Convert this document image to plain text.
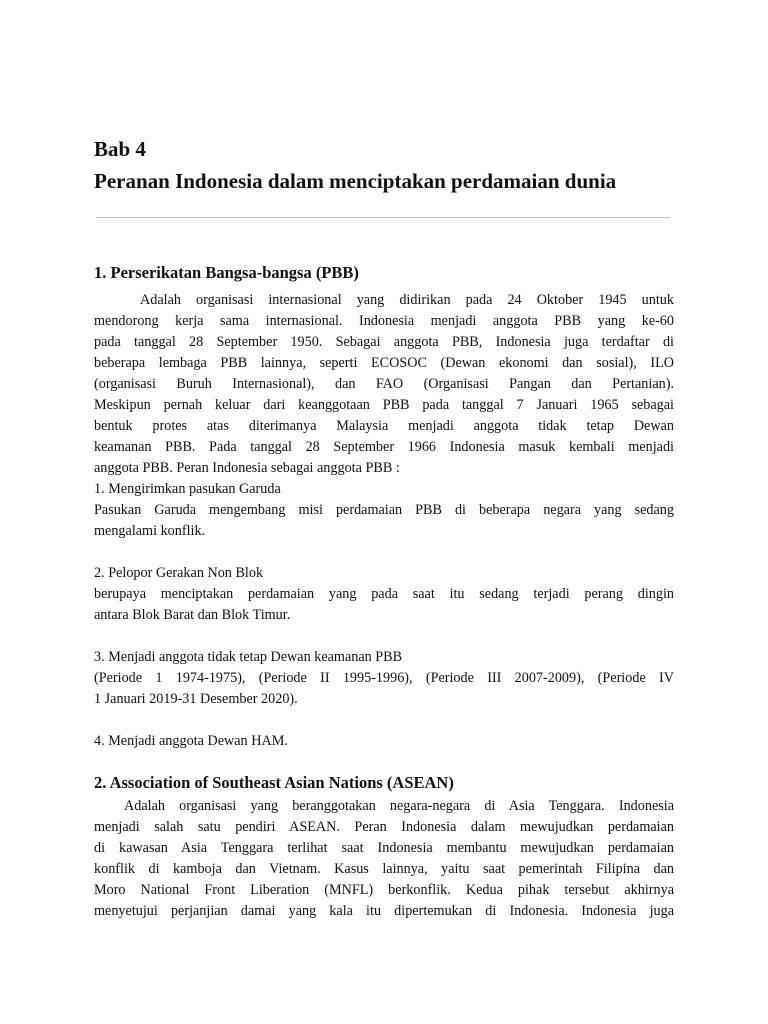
Bab 4
Peranan Indonesia dalam menciptakan perdamaian dunia
1. Perserikatan Bangsa-bangsa (PBB)
Adalah organisasi internasional yang didirikan pada 24 Oktober 1945 untuk
mendorong kerja sama internasional. Indonesia menjadi anggota PBB yang ke-60
pada tanggal 28 September 1950. Sebagai anggota PBB, Indonesia juga terdaftar di
beberapa lembaga PBB lainnya, seperti ECOSOC (Dewan ekonomi dan sosial), ILO
(organisasi Buruh Internasional), dan FAO (Organisasi Pangan dan Pertanian).
Meskipun pernah keluar dari keanggotaan PBB pada tanggal 7 Januari 1965 sebagai
bentuk protes atas diterimanya Malaysia menjadi anggota tidak tetap Dewan
keamanan PBB. Pada tanggal 28 September 1966 Indonesia masuk kembali menjadi
anggota PBB. Peran Indonesia sebagai anggota PBB :
1. Mengirimkan pasukan Garuda
Pasukan Garuda mengembang misi perdamaian PBB di beberapa negara yang sedang
mengalami konflik.
2. Pelopor Gerakan Non Blok
berupaya menciptakan perdamaian yang pada saat itu sedang terjadi perang dingin
antara Blok Barat dan Blok Timur.
3. Menjadi anggota tidak tetap Dewan keamanan PBB
(Periode 1 1974-1975), (Periode II 1995-1996), (Periode III 2007-2009), (Periode IV
1 Januari 2019-31 Desember 2020).
4. Menjadi anggota Dewan HAM.
2. Association of Southeast Asian Nations (ASEAN)
Adalah organisasi yang beranggotakan negara-negara di Asia Tenggara. Indonesia
menjadi salah satu pendiri ASEAN. Peran Indonesia dalam mewujudkan perdamaian
di kawasan Asia Tenggara terlihat saat Indonesia membantu mewujudkan perdamaian
konflik di kamboja dan Vietnam. Kasus lainnya, yaitu saat pemerintah Filipina dan
Moro National Front Liberation (MNFL) berkonflik. Kedua pihak tersebut akhirnya
menyetujui perjanjian damai yang kala itu dipertemukan di Indonesia. Indonesia juga
